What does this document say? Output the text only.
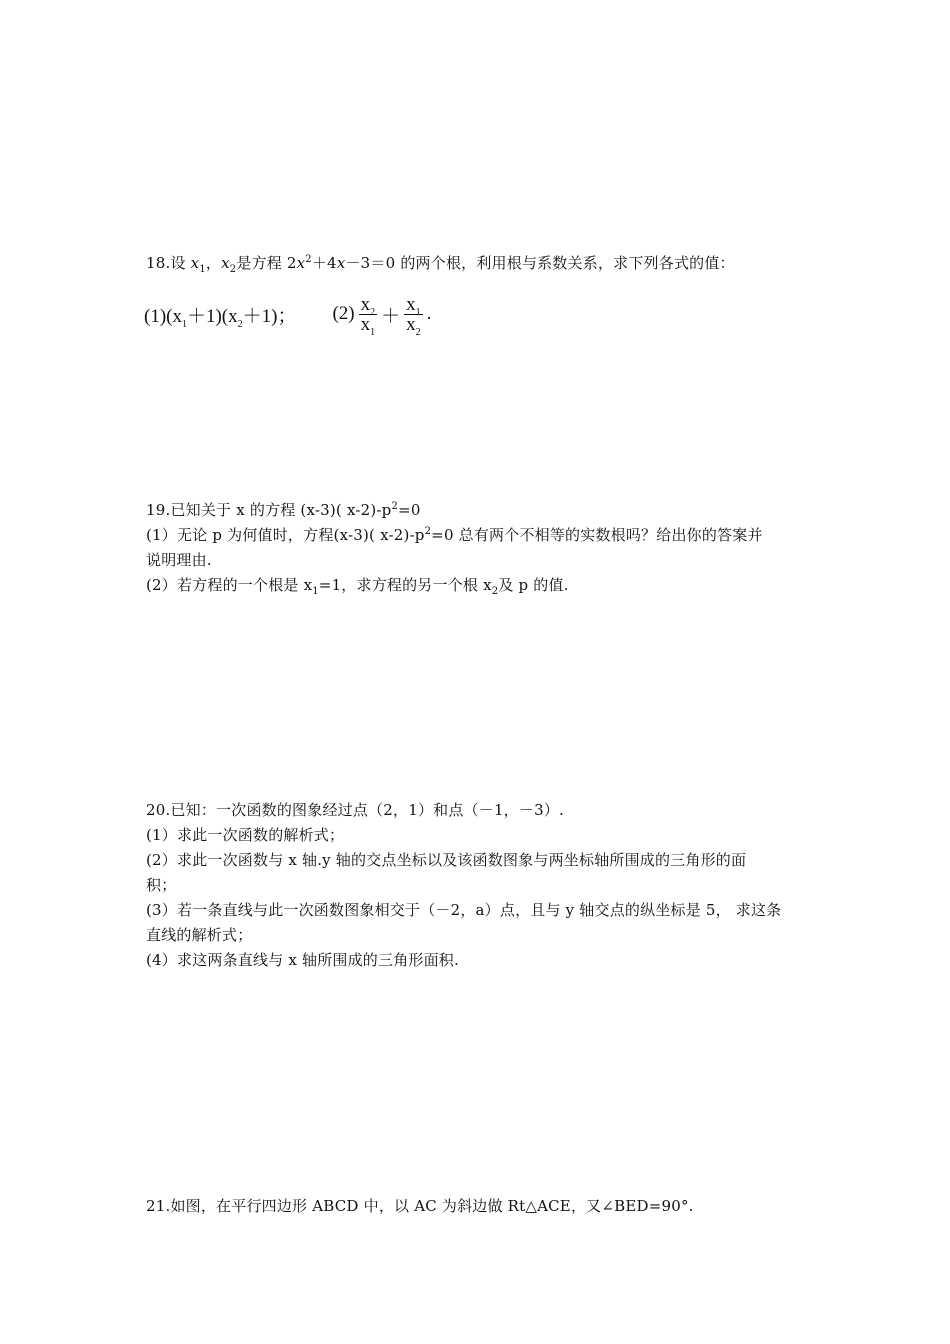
18.设 $x_1$，$x_2$是方程 $2x^2+4x-3=0$ 的两个根，利用根与系数关系，求下列各式的值：
$(1)(x_1+1)(x_2+1)$； $(2) \frac{x_2}{x_1} + \frac{x_1}{x_2}$ .
19.已知关于 x 的方程 (x-3)( $x-2)-p^2=0$
(1）无论 p 为何值时，方程(x-3)( $x-2)-p^2=0$ 总有两个不相等的实数根吗？给出你的答案并
说明理由.
(2）若方程的一个根是 $x_1=1$，求方程的另一个根 $x_2$及 p 的值.
20.已知：一次函数的图象经过点（2，1）和点（－1，－3）.
(1）求此一次函数的解析式；
(2）求此一次函数与 x 轴.y 轴的交点坐标以及该函数图象与两坐标轴所围成的三角形的面
积；
(3）若一条直线与此一次函数图象相交于（－2，a）点，且与 y 轴交点的纵坐标是 5， 求这条
直线的解析式；
(4）求这两条直线与 x 轴所围成的三角形面积.
21.如图，在平行四边形 ABCD 中，以 AC 为斜边做 Rt△ACE，又∠BED=90°.
